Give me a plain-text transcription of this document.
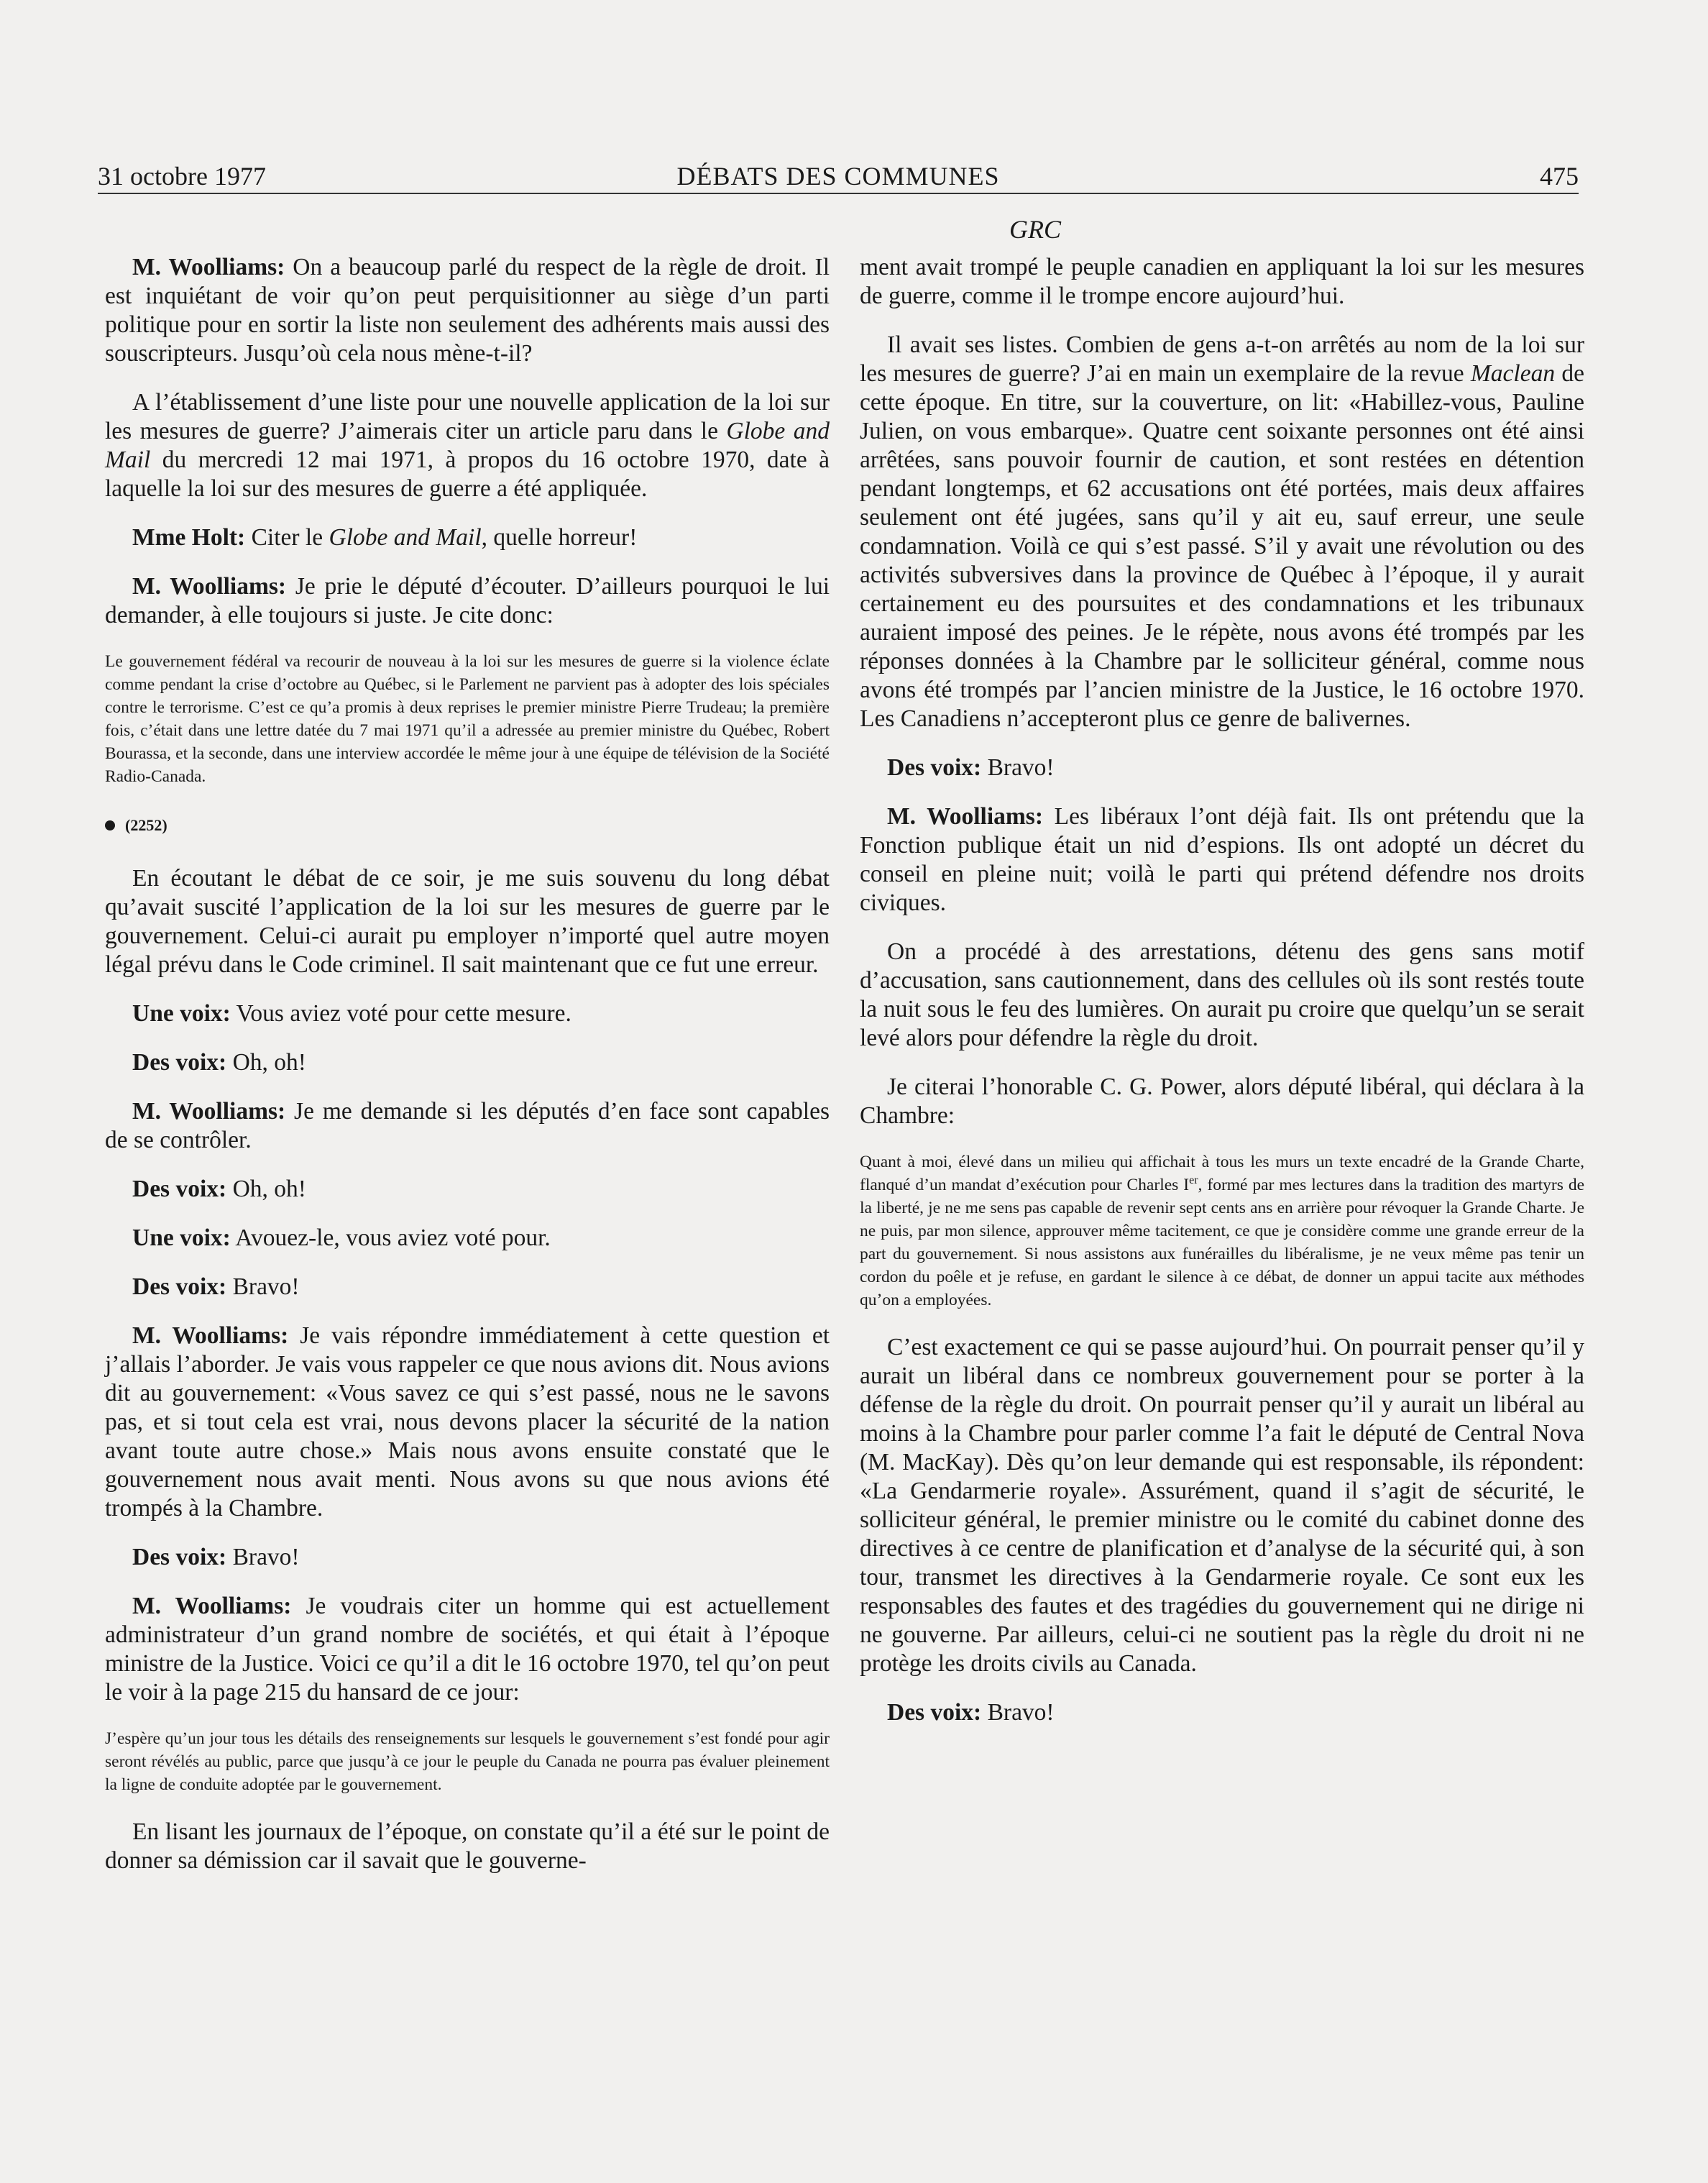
31 octobre 1977	DÉBATS DES COMMUNES	475
GRC

M. Woolliams: On a beaucoup parlé du respect de la règle de droit. Il est inquiétant de voir qu’on peut perquisitionner au siège d’un parti politique pour en sortir la liste non seulement des adhérents mais aussi des souscripteurs. Jusqu’où cela nous mène-t-il?

A l’établissement d’une liste pour une nouvelle application de la loi sur les mesures de guerre? J’aimerais citer un article paru dans le Globe and Mail du mercredi 12 mai 1971, à propos du 16 octobre 1970, date à laquelle la loi sur des mesures de guerre a été appliquée.

Mme Holt: Citer le Globe and Mail, quelle horreur!

M. Woolliams: Je prie le député d’écouter. D’ailleurs pourquoi le lui demander, à elle toujours si juste. Je cite donc:

Le gouvernement fédéral va recourir de nouveau à la loi sur les mesures de guerre si la violence éclate comme pendant la crise d’octobre au Québec, si le Parlement ne parvient pas à adopter des lois spéciales contre le terrorisme. C’est ce qu’a promis à deux reprises le premier ministre Pierre Trudeau; la première fois, c’était dans une lettre datée du 7 mai 1971 qu’il a adressée au premier ministre du Québec, Robert Bourassa, et la seconde, dans une interview accordée le même jour à une équipe de télévision de la Société Radio-Canada.

(2252)

En écoutant le débat de ce soir, je me suis souvenu du long débat qu’avait suscité l’application de la loi sur les mesures de guerre par le gouvernement. Celui-ci aurait pu employer n’importé quel autre moyen légal prévu dans le Code criminel. Il sait maintenant que ce fut une erreur.

Une voix: Vous aviez voté pour cette mesure.

Des voix: Oh, oh!

M. Woolliams: Je me demande si les députés d’en face sont capables de se contrôler.

Des voix: Oh, oh!

Une voix: Avouez-le, vous aviez voté pour.

Des voix: Bravo!

M. Woolliams: Je vais répondre immédiatement à cette question et j’allais l’aborder. Je vais vous rappeler ce que nous avions dit. Nous avions dit au gouvernement: «Vous savez ce qui s’est passé, nous ne le savons pas, et si tout cela est vrai, nous devons placer la sécurité de la nation avant toute autre chose.» Mais nous avons ensuite constaté que le gouvernement nous avait menti. Nous avons su que nous avions été trompés à la Chambre.

Des voix: Bravo!

M. Woolliams: Je voudrais citer un homme qui est actuellement administrateur d’un grand nombre de sociétés, et qui était à l’époque ministre de la Justice. Voici ce qu’il a dit le 16 octobre 1970, tel qu’on peut le voir à la page 215 du hansard de ce jour:

J’espère qu’un jour tous les détails des renseignements sur lesquels le gouvernement s’est fondé pour agir seront révélés au public, parce que jusqu’à ce jour le peuple du Canada ne pourra pas évaluer pleinement la ligne de conduite adoptée par le gouvernement.

En lisant les journaux de l’époque, on constate qu’il a été sur le point de donner sa démission car il savait que le gouverne-

ment avait trompé le peuple canadien en appliquant la loi sur les mesures de guerre, comme il le trompe encore aujourd’hui.

Il avait ses listes. Combien de gens a-t-on arrêtés au nom de la loi sur les mesures de guerre? J’ai en main un exemplaire de la revue Maclean de cette époque. En titre, sur la couverture, on lit: «Habillez-vous, Pauline Julien, on vous embarque». Quatre cent soixante personnes ont été ainsi arrêtées, sans pouvoir fournir de caution, et sont restées en détention pendant longtemps, et 62 accusations ont été portées, mais deux affaires seulement ont été jugées, sans qu’il y ait eu, sauf erreur, une seule condamnation. Voilà ce qui s’est passé. S’il y avait une révolution ou des activités subversives dans la province de Québec à l’époque, il y aurait certainement eu des poursuites et des condamnations et les tribunaux auraient imposé des peines. Je le répète, nous avons été trompés par les réponses données à la Chambre par le solliciteur général, comme nous avons été trompés par l’ancien ministre de la Justice, le 16 octobre 1970. Les Canadiens n’accepteront plus ce genre de balivernes.

Des voix: Bravo!

M. Woolliams: Les libéraux l’ont déjà fait. Ils ont prétendu que la Fonction publique était un nid d’espions. Ils ont adopté un décret du conseil en pleine nuit; voilà le parti qui prétend défendre nos droits civiques.

On a procédé à des arrestations, détenu des gens sans motif d’accusation, sans cautionnement, dans des cellules où ils sont restés toute la nuit sous le feu des lumières. On aurait pu croire que quelqu’un se serait levé alors pour défendre la règle du droit.

Je citerai l’honorable C. G. Power, alors député libéral, qui déclara à la Chambre:

Quant à moi, élevé dans un milieu qui affichait à tous les murs un texte encadré de la Grande Charte, flanqué d’un mandat d’exécution pour Charles Ier, formé par mes lectures dans la tradition des martyrs de la liberté, je ne me sens pas capable de revenir sept cents ans en arrière pour révoquer la Grande Charte. Je ne puis, par mon silence, approuver même tacitement, ce que je considère comme une grande erreur de la part du gouvernement. Si nous assistons aux funérailles du libéralisme, je ne veux même pas tenir un cordon du poêle et je refuse, en gardant le silence à ce débat, de donner un appui tacite aux méthodes qu’on a employées.

C’est exactement ce qui se passe aujourd’hui. On pourrait penser qu’il y aurait un libéral dans ce nombreux gouvernement pour se porter à la défense de la règle du droit. On pourrait penser qu’il y aurait un libéral au moins à la Chambre pour parler comme l’a fait le député de Central Nova (M. MacKay). Dès qu’on leur demande qui est responsable, ils répondent: «La Gendarmerie royale». Assurément, quand il s’agit de sécurité, le solliciteur général, le premier ministre ou le comité du cabinet donne des directives à ce centre de planification et d’analyse de la sécurité qui, à son tour, transmet les directives à la Gendarmerie royale. Ce sont eux les responsables des fautes et des tragédies du gouvernement qui ne dirige ni ne gouverne. Par ailleurs, celui-ci ne soutient pas la règle du droit ni ne protège les droits civils au Canada.

Des voix: Bravo!
